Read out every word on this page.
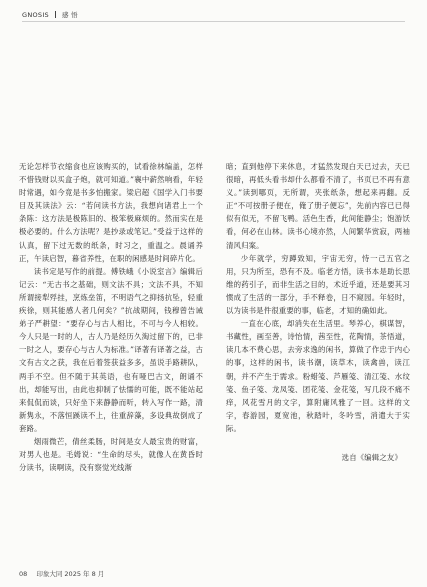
GNOSIS 感 悟

无论怎样节衣缩食也应该购买的，试看徐林编盖，怎样不惜钱财以买盒子炮，就可知道。”襄中薪然响看，年轻时常遇，如今竟是书多怕搬家。梁启超《国学入门书要目及其读法》云：“若问读书方法，我想向诸君上一个条陈：这方法是极陈旧的、极笨极麻烦的。然而实在是极必要的。什么方法呢？是抄录或笔记。”受益于这样的认真，留下过无数的纸条，时习之，重温之。晨诵养正，午读启智，暮省养性，在职的闲感是时间碎片化。

读书定是写作的前提。傅铁峨《小说室言》编辑后记云：“无古书之基础，则文法不具；文法不具，不知所谓接犁殍挂，烹炼垒笛，不明语气之抑扬抗坠，轻重疾徐，则其能感人者几何矣？”抗战期间，钱穆曾告诫弟子严耕望：“要存心与古人相比，不可与今人相较。今人只是一时的人，古人乃是经历久淘过留下的，已非一时之人，要存心与古人为标准。”译著有译著之益，古文有古文之获，我在后着签获益多多，虽说手路耕队，两手不空。但不随于其英语，也有哑巴古文，朗诵不出，却能写出，由此也抑制了怯懦的可能，既不能站起来侃侃而谈，只好坐下来静静而听，转入写作一路，清新隽永，不落恒蹊读不上，往重辞藻，多设典故倒成了套路。

烟雨微芒，倩丝柔肠，时间是女人最宝贵的财富，对男人也是。毛姆说：“生命的尽头，就像人在黄昏时分读书，读啊读，没有察觉光线渐

暗；直到他停下来休息，才猛然发现白天已过去，天已很暗，再低头看书却什么都看不清了，书页已不再有意义。”读到哪页，无所谓，夹张纸条，想起来再翻。反正“不可按册子便在，俺了册子便忘”，先前内容已已得似有似无，不留飞鸭。活色生香，此间能静尘；饱游饫看，何必在山林。读书心境亦然，人间繁华赏寂，两袖清风归案。

少年就学，穷蹲致知，宇宙无穷，恃一己五官之用，只为所至，恐有不及。临老方悟，读书本是助长思维的药引子，而非生活之目的，术近乎道，还是要其习惯成了生活的一部分，手不释卷，日不窥园。年轻时，以为读书是件很重要的事，临老，才知的确如此。

一直在心底，却消失在生活里。琴养心，棋谋智，书藏性，画至善，诗怡情，茜至性，花陶情，茶悟道，读几本不费心思，去旁求逸的闲书，算做了作忠于内心的事，这样的闲书，读书潮，读草木，读禽兽，读江朝，并不产生于需求。粉蜡笺、芦雁笺、清江笺、水纹笺、鱼子笺、龙凤笺、团花笺、金花笺，写几段不痛不痒，风花雪月的文字，算附庸风雅了一回。这样的文字，春游园，夏宽池，秋踏叶，冬吟雪，消遣大于实际。

选自《编辑之友》

08 印象大同 2025 年 8 月
